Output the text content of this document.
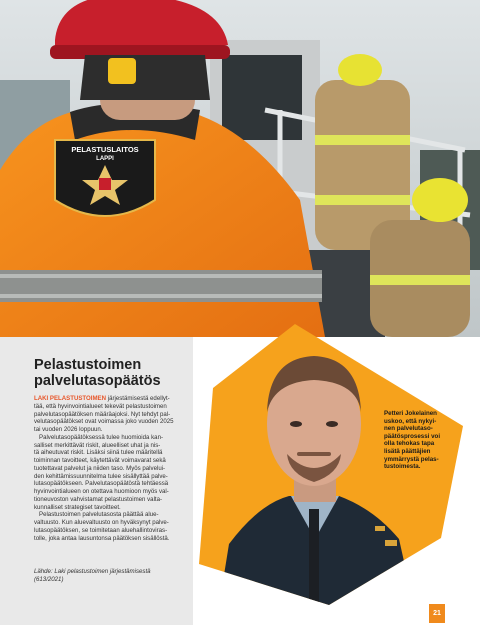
PELASTUSLAITOS
LAPPI
Pelastustoimen
palvelutasopäätös

LAKI PELASTUSTOIMEN järjestämisestä edellyt-
tää, että hyvinvointialueet tekevät pelastustoimen
palvelutasopäätöksen määräajoksi. Nyt tehdyt pal-
velutasopäätökset ovat voimassa joko vuoden 2025
tai vuoden 2026 loppuun.

Palvelutasopäätöksessä tulee huomioida kan-
salliset merkittävät riskit, alueelliset uhat ja nis-
tä aiheutuvat riskit. Lisäksi siinä tulee määritellä
toiminnan tavoitteet, käytettävät voimavarat sekä
tuotettavat palvelut ja niiden taso. Myös palvelui-
den kehittämissuunnitelma tulee sisällyttää palve-
lutasopäätökseen. Palvelutasopäätöstä tehtäessä
hyvinvointialueen on otettava huomioon myös val-
tioneuvoston vahvistamat pelastustoimen valta-
kunnalliset strategiset tavoitteet.

Pelastustoimen palvelutasosta päättää alue-
valtuusto. Kun aluevaltuusto on hyväksynyt palve-
lutasopäätöksen, se toimitetaan aluehallintoviras-
tolle, joka antaa lausuntonsa päätöksen sisällöstä.

Lähde: Laki pelastustoimen järjestämisestä
(613/2021)
Petteri Jokelainen
uskoo, että nykyi-
nen palvelutaso-
päätösprosessi voi
olla tehokas tapa
lisätä päättäjien
ymmärrystä pelas-
tustoimesta.
21
